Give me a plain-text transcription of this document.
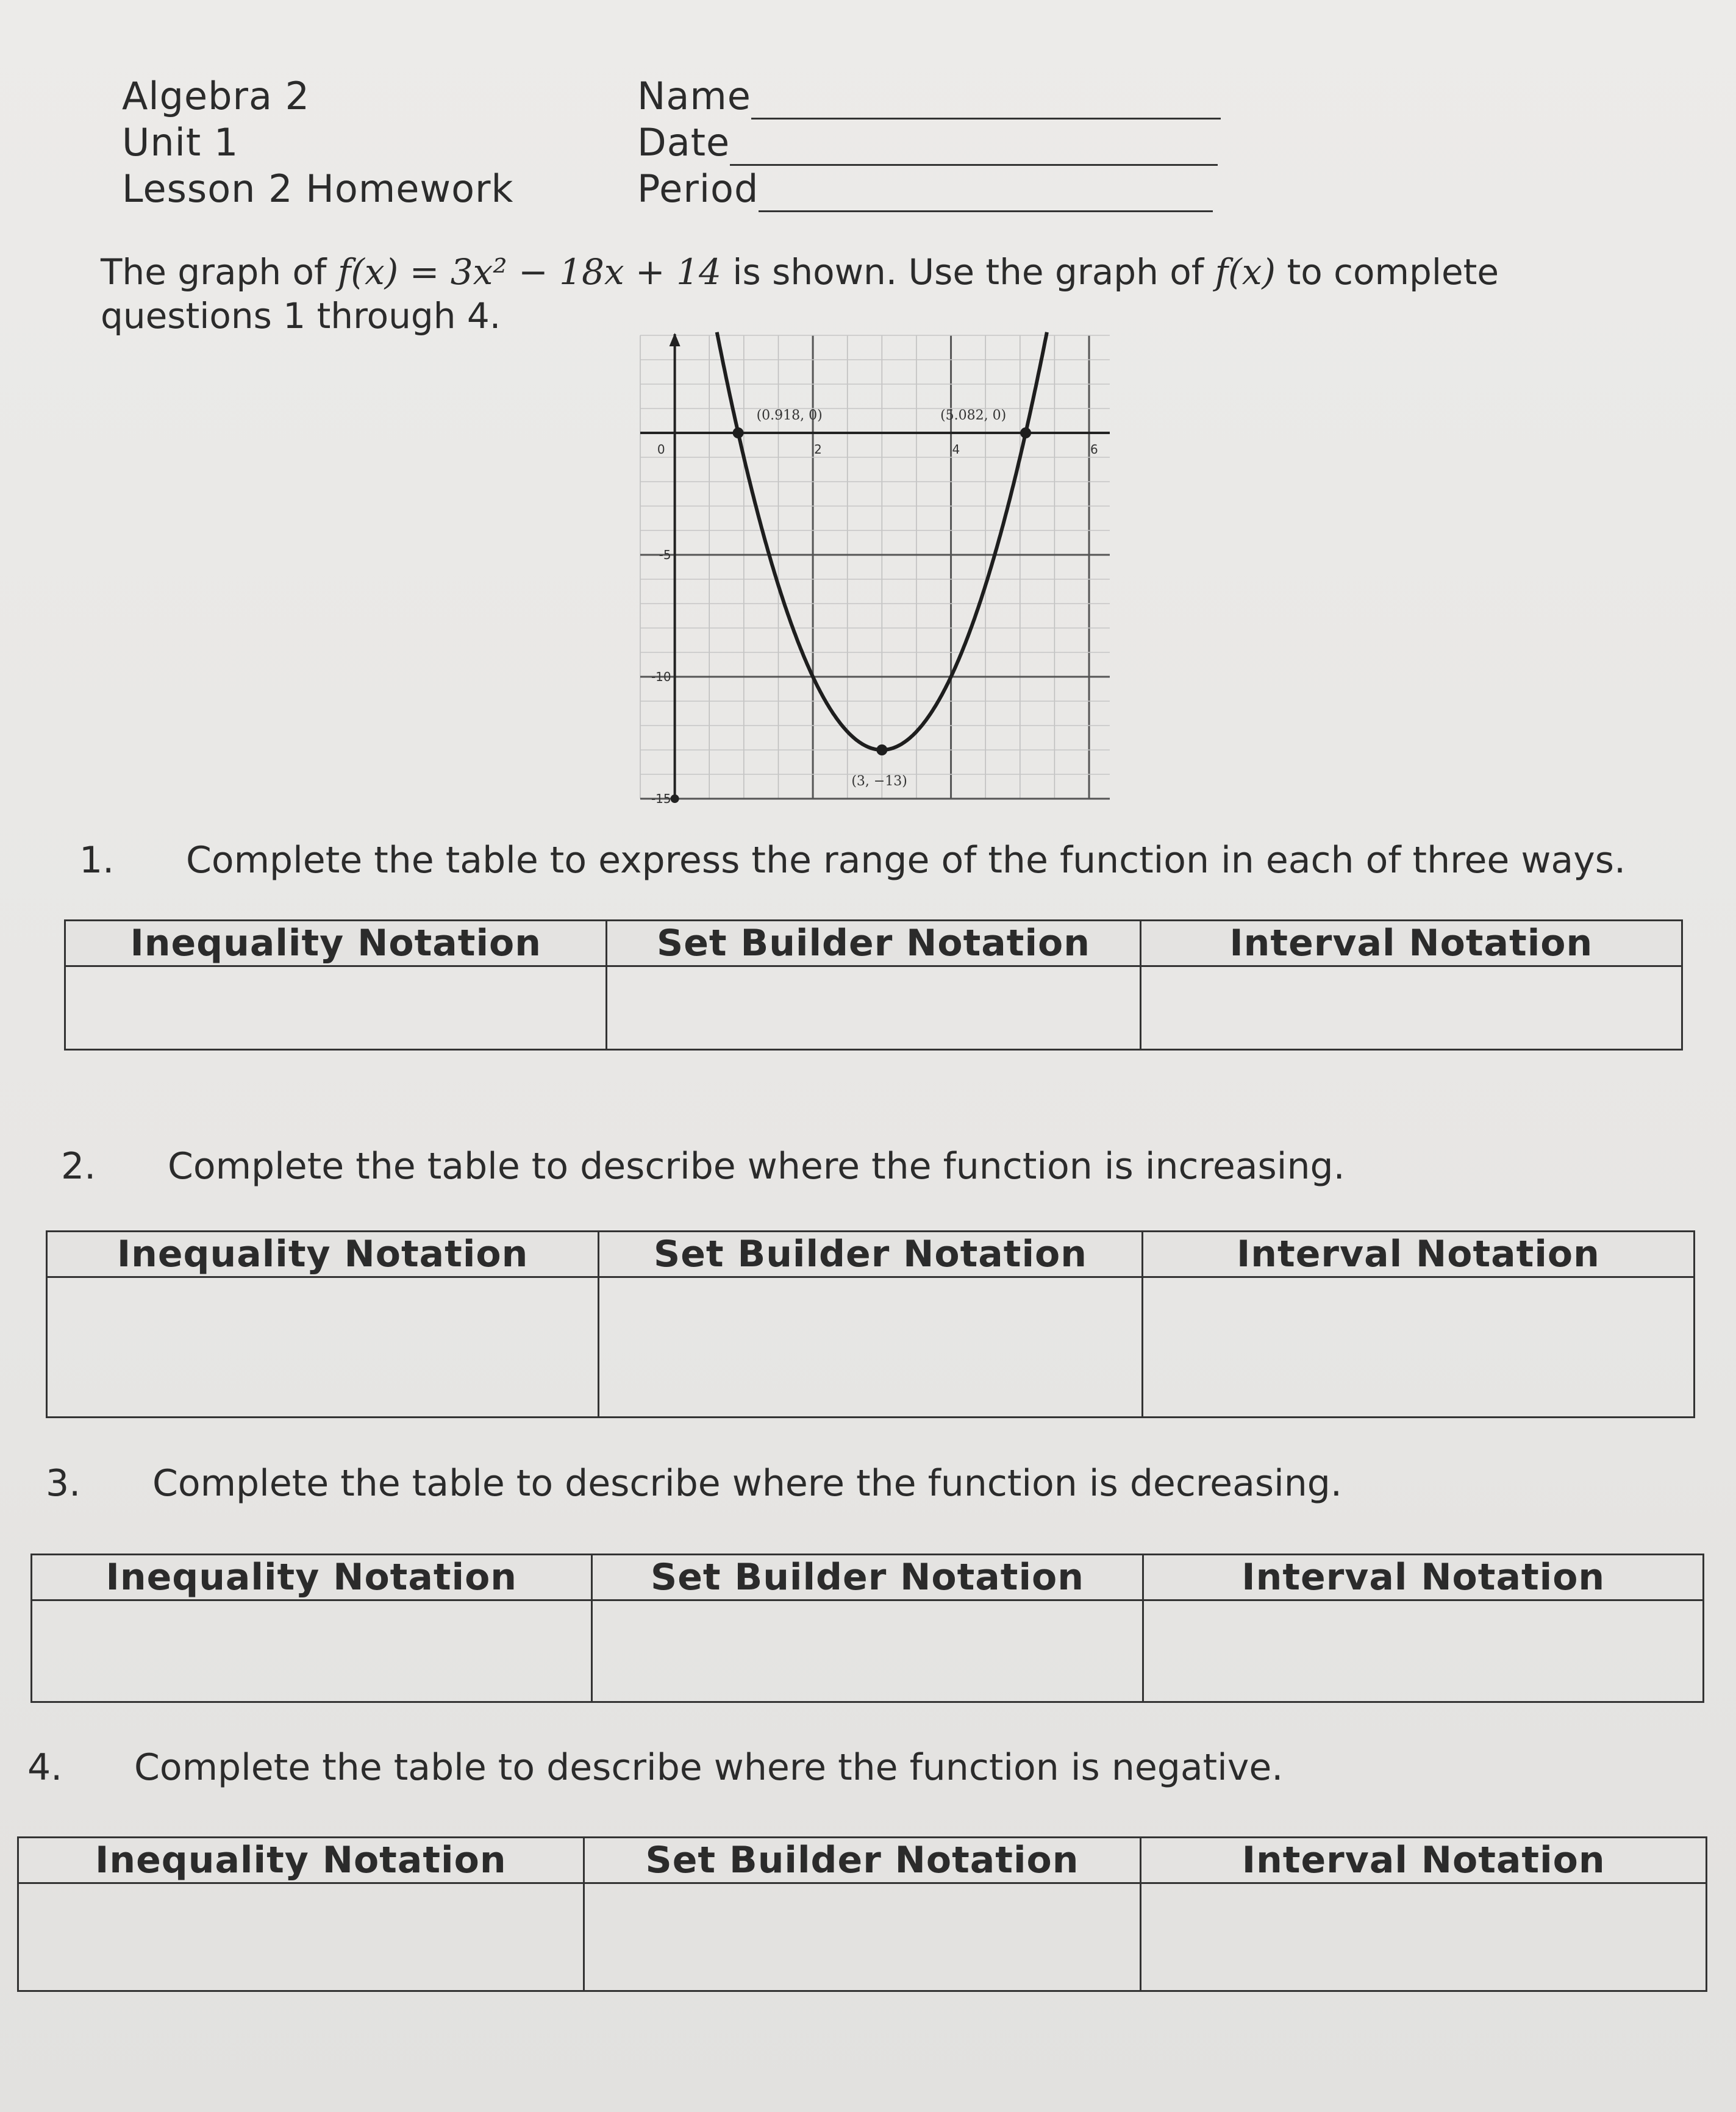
Algebra 2
Unit 1
Lesson 2 Homework
Name
Date
Period
The graph of f(x) = 3x² − 18x + 14 is shown. Use the graph of f(x) to complete questions 1 through 4.
0	2	4	6
-5
-10
-15
(0.918, 0)	(5.082, 0)
(3, −13)
1. Complete the table to express the range of the function in each of three ways.
Inequality Notation	Set Builder Notation	Interval Notation

2. Complete the table to describe where the function is increasing.
Inequality Notation	Set Builder Notation	Interval Notation

3. Complete the table to describe where the function is decreasing.
Inequality Notation	Set Builder Notation	Interval Notation

4. Complete the table to describe where the function is negative.
Inequality Notation	Set Builder Notation	Interval Notation
